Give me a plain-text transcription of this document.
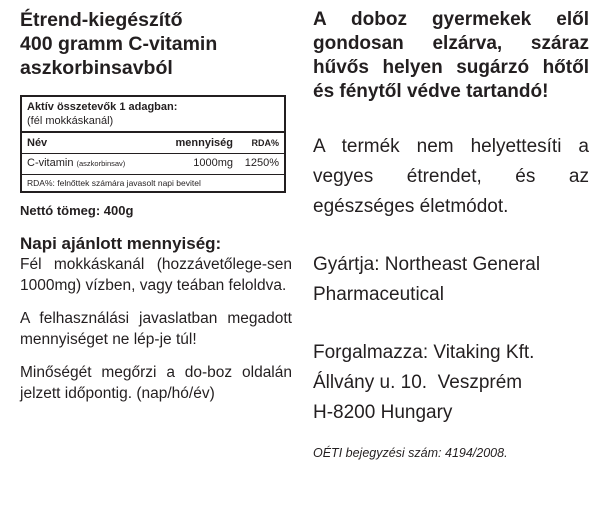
Étrend-kiegészítő
400 gramm C-vitamin
aszkorbinsavból
Aktív összetevők 1 adagban:
(fél mokkáskanál)
Név	mennyiség	RDA%
C-vitamin (aszkorbinsav)	1000mg	1250%
RDA%: felnőttek számára javasolt napi bevitel
Nettó tömeg: 400g
Napi ajánlott mennyiség:

Fél mokkáskanál (hozzávetőlege-sen 1000mg) vízben, vagy teában feloldva.

A felhasználási javaslatban megadott mennyiséget ne lép-je túl!

Minőségét megőrzi a do-boz oldalán jelzett időpontig. (nap/hó/év)

A doboz gyermekek elől gondosan elzárva, száraz hűvős helyen sugárzó hőtől és fénytől védve tartandó!

A termék nem helyettesíti a vegyes étrendet, és az egészséges életmódot.

Gyártja: Northeast General
Pharmaceutical

Forgalmazza: Vitaking Kft.
Állvány u. 10.  Veszprém
H-8200 Hungary

OÉTI bejegyzési szám: 4194/2008.
